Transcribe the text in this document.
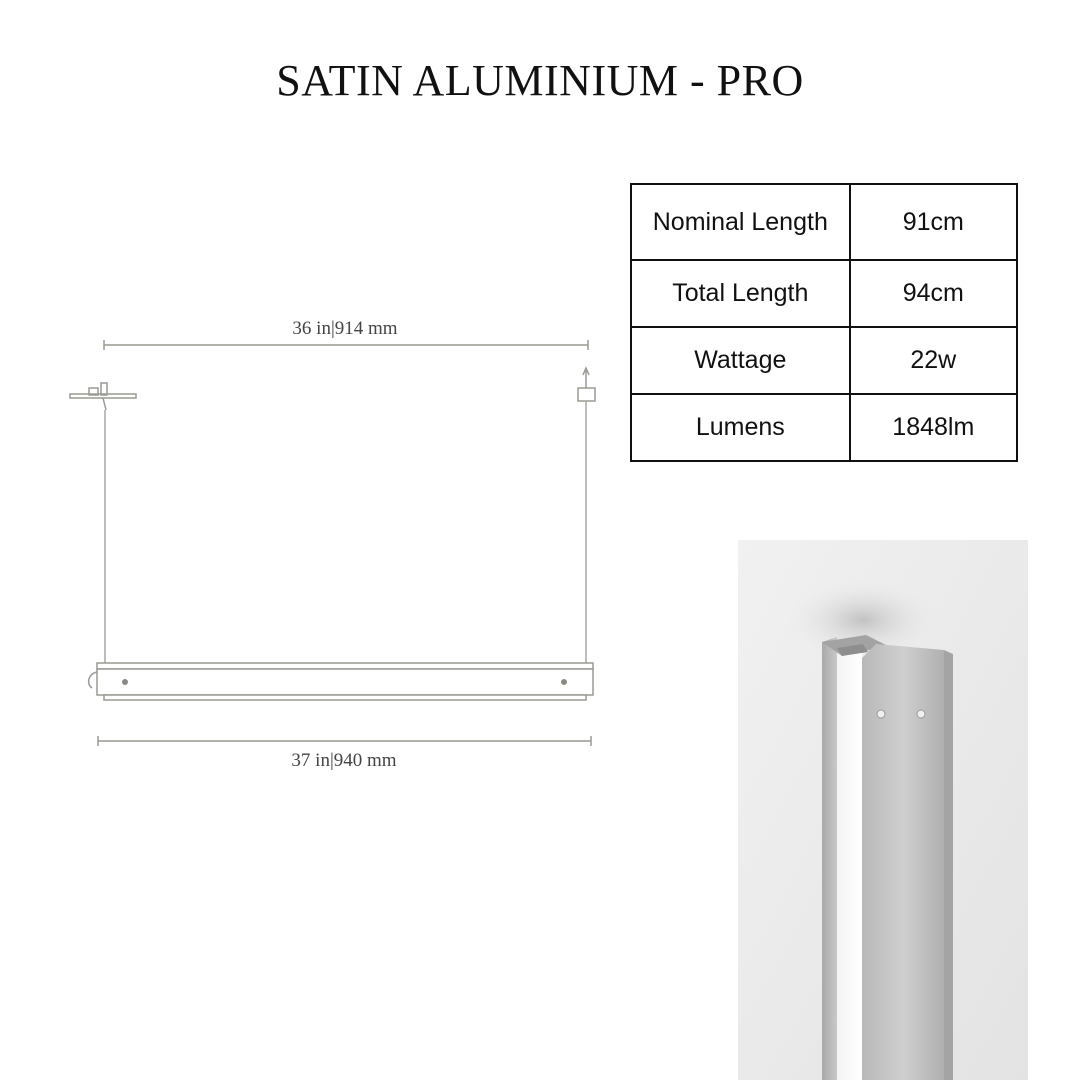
SATIN ALUMINIUM - PRO
36 in|914 mm
37 in|940 mm
Nominal Length	91cm
Total Length	94cm
Wattage	22w
Lumens	1848lm
